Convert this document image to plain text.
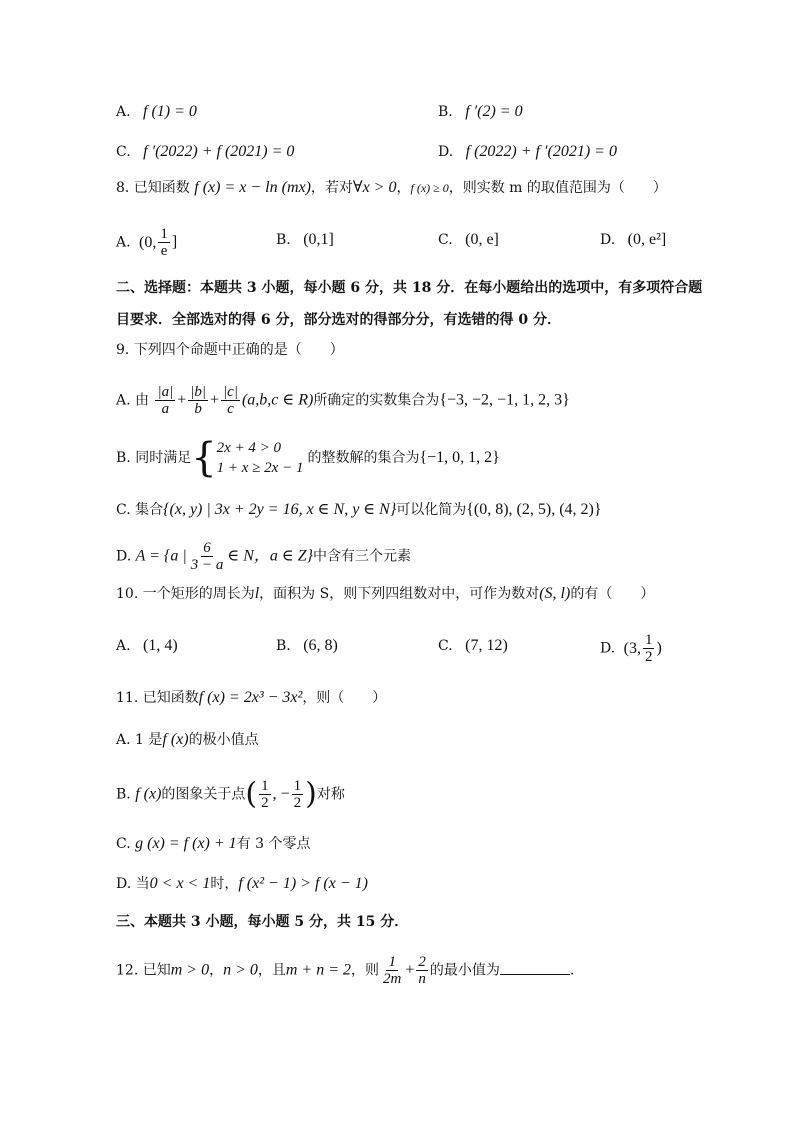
A. f (1) = 0	B. f ′(2) = 0
C. f ′(2022) + f (2021) = 0	D. f (2022) + f ′(2021) = 0
8. 已知函数 f (x) = x − ln (mx)，若对∀x > 0，f (x) ≥ 0，则实数 m 的取值范围为（　　）
A. (0, $\frac{1}{e}$ ]	B. (0,1]	C. (0, e]	D. (0, e²]
二、选择题：本题共 3 小题，每小题 6 分，共 18 分．在每小题给出的选项中，有多项符合题
目要求．全部选对的得 6 分，部分选对的得部分分，有选错的得 0 分．
9. 下列四个命题中正确的是（　　）
A. 由 $\frac{|a|}{a} + \frac{|b|}{b} + \frac{|c|}{c} (a,b,c$ ∈ R)所确定的实数集合为{−3, −2, −1, 1, 2, 3}
B. 同时满足{ 2x + 4 > 0
1 + x ≥ 2x − 1
的整数解的集合为{−1, 0, 1, 2}
C. 集合{(x, y) | 3x + 2y = 16, x ∈ N, y ∈ N}可以化简为{(0, 8), (2, 5), (4, 2)}
D. A = {a | $\frac{6}{3 - a}$ ∈ N，a ∈ Z}中含有三个元素
10. 一个矩形的周长为l，面积为 S，则下列四组数对中，可作为数对(S, l)的有（　　）
A. (1, 4)	B. (6, 8)	C. (7, 12)	D. (3, $\frac{1}{2}$ )
11. 已知函数f (x) = 2x³ − 3x²，则（　　）
A. 1 是f (x)的极小值点
B. f (x)的图象关于点( $\frac{1}{2}$ , − $\frac{1}{2}$ )对称
C. g (x) = f (x) + 1有 3 个零点
D. 当0 < x < 1时，f (x² − 1) > f (x − 1)
三、本题共 3 小题，每小题 5 分，共 15 分．
12. 已知m > 0，n > 0，且m + n = 2，则 $\frac{1}{2m} + \frac{2}{n}$ 的最小值为	.
